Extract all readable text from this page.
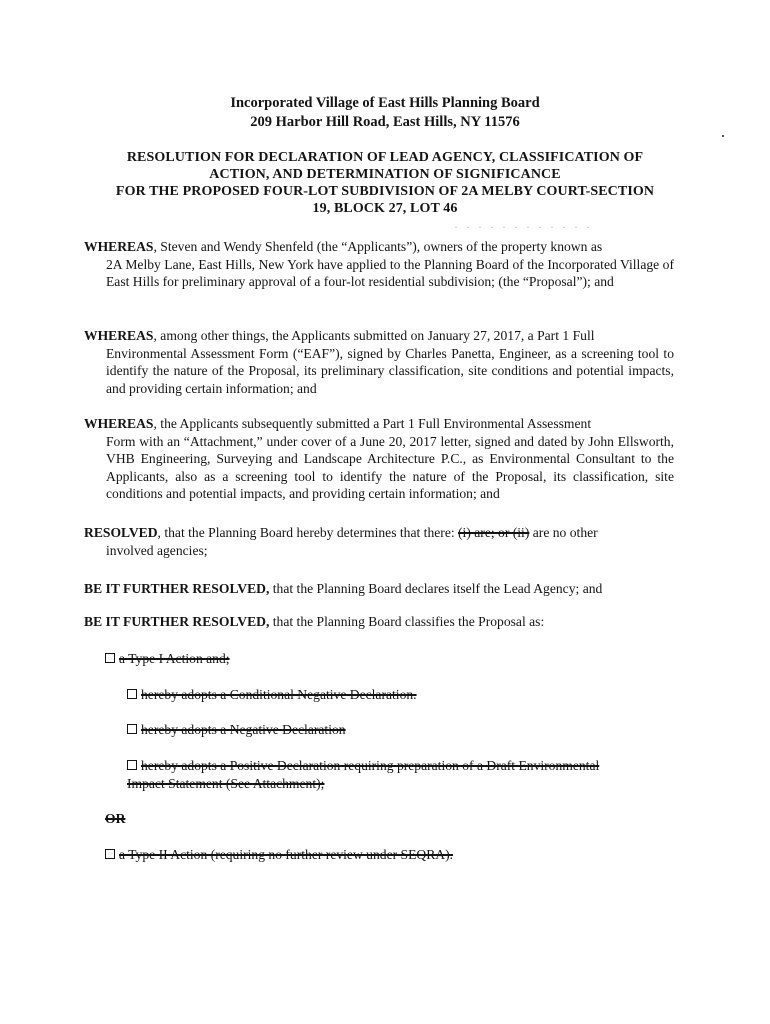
Incorporated Village of East Hills Planning Board
209 Harbor Hill Road, East Hills, NY 11576
RESOLUTION FOR DECLARATION OF LEAD AGENCY, CLASSIFICATION OF
ACTION, AND DETERMINATION OF SIGNIFICANCE
FOR THE PROPOSED FOUR-LOT SUBDIVISION OF 2A MELBY COURT-SECTION
19, BLOCK 27, LOT 46
. . . . . . . . . . . .
WHEREAS, Steven and Wendy Shenfeld (the “Applicants”), owners of the property known as
2A Melby Lane, East Hills, New York have applied to the Planning Board of the Incorporated Village of East Hills for preliminary approval of a four-lot residential subdivision; (the “Proposal”); and
WHEREAS, among other things, the Applicants submitted on January 27, 2017, a Part 1 Full
Environmental Assessment Form (“EAF”), signed by Charles Panetta, Engineer, as a screening tool to identify the nature of the Proposal, its preliminary classification, site conditions and potential impacts, and providing certain information; and
WHEREAS, the Applicants subsequently submitted a Part 1 Full Environmental Assessment
Form with an “Attachment,” under cover of a June 20, 2017 letter, signed and dated by John Ellsworth, VHB Engineering, Surveying and Landscape Architecture P.C., as Environmental Consultant to the Applicants, also as a screening tool to identify the nature of the Proposal, its classification, site conditions and potential impacts, and providing certain information; and
RESOLVED, that the Planning Board hereby determines that there: (i) are; or (ii) are no other
involved agencies;
BE IT FURTHER RESOLVED, that the Planning Board declares itself the Lead Agency; and
BE IT FURTHER RESOLVED, that the Planning Board classifies the Proposal as:
a Type I Action and;
hereby adopts a Conditional Negative Declaration.
hereby adopts a Negative Declaration
hereby adopts a Positive Declaration requiring preparation of a Draft Environmental
Impact Statement (See Attachment);
OR
a Type II Action (requiring no further review under SEQRA).
